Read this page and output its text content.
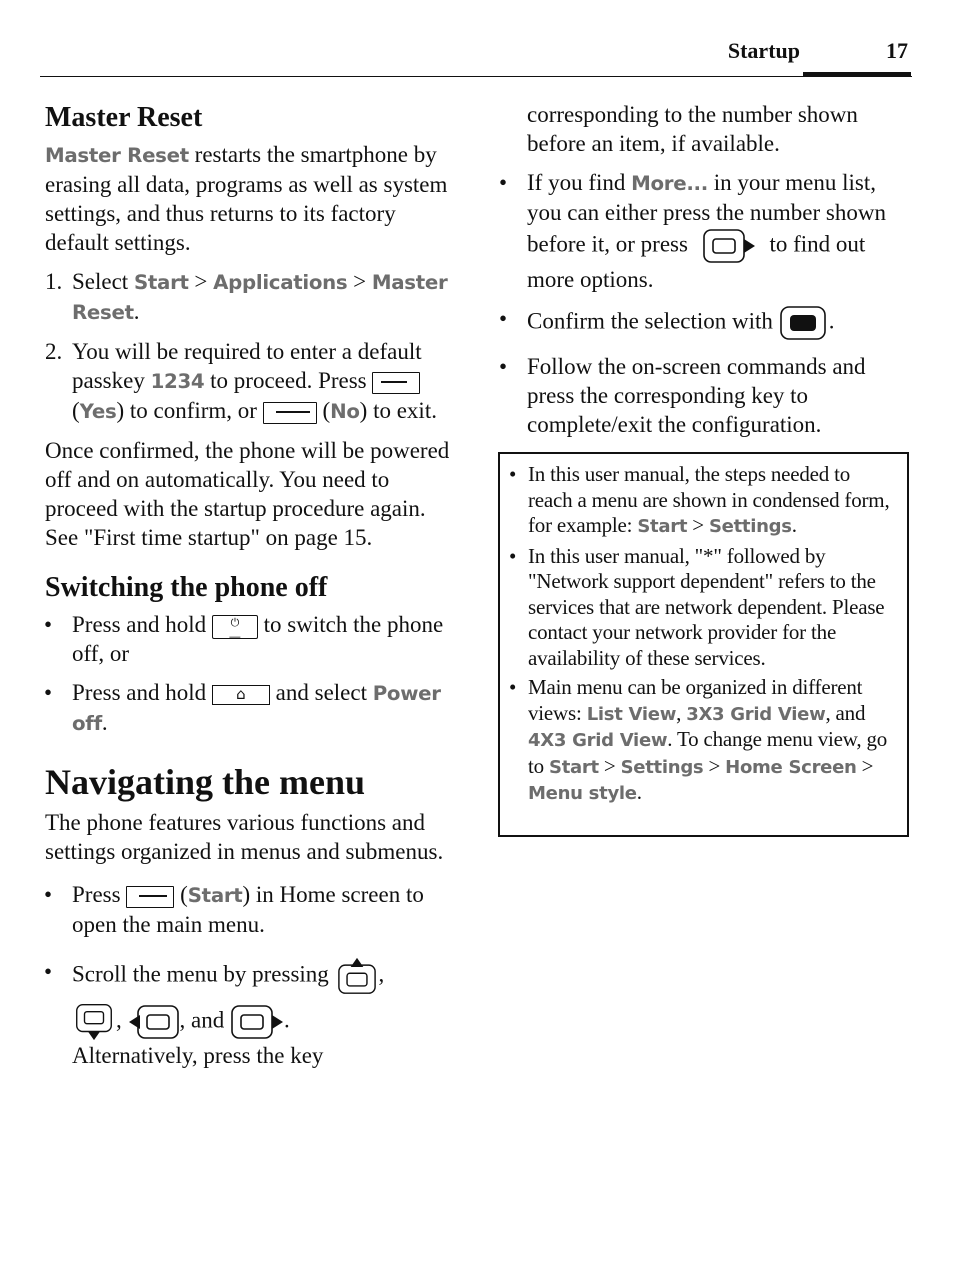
Startup	17
Master Reset

Master Reset restarts the smartphone by erasing all data, programs as well as system settings, and thus returns to its factory default settings.

1. Select Start > Applications > Master Reset.
2. You will be required to enter a default passkey 1234 to proceed. Press  (Yes) to confirm, or  (No) to exit.

Once confirmed, the phone will be powered off and on automatically. You need to proceed with the startup procedure again. See "First time startup" on page 15.

Switching the phone off
• Press and hold ⏻
― to switch the phone off, or
• Press and hold ⌂ and select Power off.
Navigating the menu

The phone features various functions and settings organized in menus and submenus.

• Press  (Start) in Home screen to open the main menu.
• Scroll the menu by pressing ,
,	, and	.
Alternatively, press the key

corresponding to the number shown before an item, if available.

• If you find More... in your menu list, you can either press the number shown before it, or press	to find out more options.
• Confirm the selection with .
• Follow the on-screen commands and press the corresponding key to complete/exit the configuration.
• In this user manual, the steps needed to reach a menu are shown in condensed form, for example: Start > Settings.
• In this user manual, "*" followed by "Network support dependent" refers to the services that are network dependent. Please contact your network provider for the availability of these services.
• Main menu can be organized in different views: List View, 3X3 Grid View, and 4X3 Grid View. To change menu view, go to Start > Settings > Home Screen > Menu style.
